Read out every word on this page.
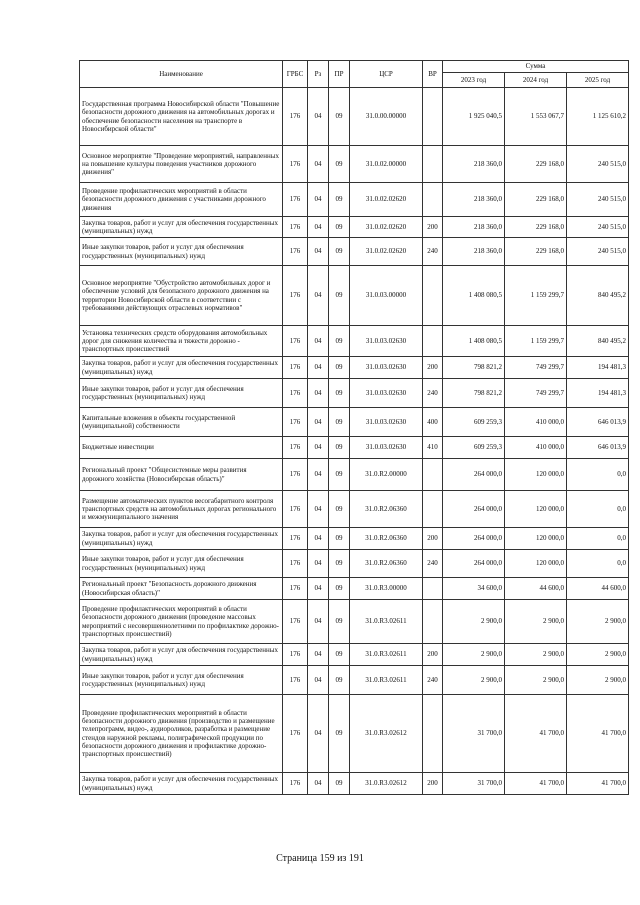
Наименование	ГРБС	Рз	ПР	ЦСР	ВР	Сумма		
						2023 год	2024 год	2025 год
Государственная программа Новосибирской области "Повышение безопасности дорожного движения на автомобильных дорогах и обеспечение безопасности населения на транспорте в Новосибирской области"	176	04	09	31.0.00.00000		1 925 040,5	1 553 067,7	1 125 610,2
Основное мероприятие "Проведение мероприятий, направленных на повышение культуры поведения участников дорожного движения"	176	04	09	31.0.02.00000		218 360,0	229 168,0	240 515,0
Проведение профилактических мероприятий в области безопасности дорожного движения с участниками дорожного движения	176	04	09	31.0.02.02620		218 360,0	229 168,0	240 515,0
Закупка товаров, работ и услуг для обеспечения государственных (муниципальных) нужд	176	04	09	31.0.02.02620	200	218 360,0	229 168,0	240 515,0
Иные закупки товаров, работ и услуг для обеспечения государственных (муниципальных) нужд	176	04	09	31.0.02.02620	240	218 360,0	229 168,0	240 515,0
Основное мероприятие "Обустройство автомобильных дорог и обеспечение условий для безопасного дорожного движения на территории Новосибирской области в соответствии с требованиями действующих отраслевых нормативов"	176	04	09	31.0.03.00000		1 408 080,5	1 159 299,7	840 495,2
Установка технических средств оборудования автомобильных дорог для снижения количества и тяжести дорожно - транспортных происшествий	176	04	09	31.0.03.02630		1 408 080,5	1 159 299,7	840 495,2
Закупка товаров, работ и услуг для обеспечения государственных (муниципальных) нужд	176	04	09	31.0.03.02630	200	798 821,2	749 299,7	194 481,3
Иные закупки товаров, работ и услуг для обеспечения государственных (муниципальных) нужд	176	04	09	31.0.03.02630	240	798 821,2	749 299,7	194 481,3
Капитальные вложения в объекты государственной (муниципальной) собственности	176	04	09	31.0.03.02630	400	609 259,3	410 000,0	646 013,9
Бюджетные инвестиции	176	04	09	31.0.03.02630	410	609 259,3	410 000,0	646 013,9
Региональный проект "Общесистемные меры развития дорожного хозяйства (Новосибирская область)"	176	04	09	31.0.R2.00000		264 000,0	120 000,0	0,0
Размещение автоматических пунктов весогабаритного контроля транспортных средств на автомобильных дорогах регионального и межмуниципального значения	176	04	09	31.0.R2.06360		264 000,0	120 000,0	0,0
Закупка товаров, работ и услуг для обеспечения государственных (муниципальных) нужд	176	04	09	31.0.R2.06360	200	264 000,0	120 000,0	0,0
Иные закупки товаров, работ и услуг для обеспечения государственных (муниципальных) нужд	176	04	09	31.0.R2.06360	240	264 000,0	120 000,0	0,0
Региональный проект "Безопасность дорожного движения (Новосибирская область)"	176	04	09	31.0.R3.00000		34 600,0	44 600,0	44 600,0
Проведение профилактических мероприятий в области безопасности дорожного движения (проведение массовых мероприятий с несовершеннолетними по профилактике дорожно-транспортных происшествий)	176	04	09	31.0.R3.02611		2 900,0	2 900,0	2 900,0
Закупка товаров, работ и услуг для обеспечения государственных (муниципальных) нужд	176	04	09	31.0.R3.02611	200	2 900,0	2 900,0	2 900,0
Иные закупки товаров, работ и услуг для обеспечения государственных (муниципальных) нужд	176	04	09	31.0.R3.02611	240	2 900,0	2 900,0	2 900,0
Проведение профилактических мероприятий в области безопасности дорожного движения (производство и размещение телепрограмм, видео-, аудиороликов, разработка и размещение стендов наружной рекламы, полиграфической продукции по безопасности дорожного движения и профилактике дорожно-транспортных происшествий)	176	04	09	31.0.R3.02612		31 700,0	41 700,0	41 700,0
Закупка товаров, работ и услуг для обеспечения государственных (муниципальных) нужд	176	04	09	31.0.R3.02612	200	31 700,0	41 700,0	41 700,0
Страница 159 из 191
